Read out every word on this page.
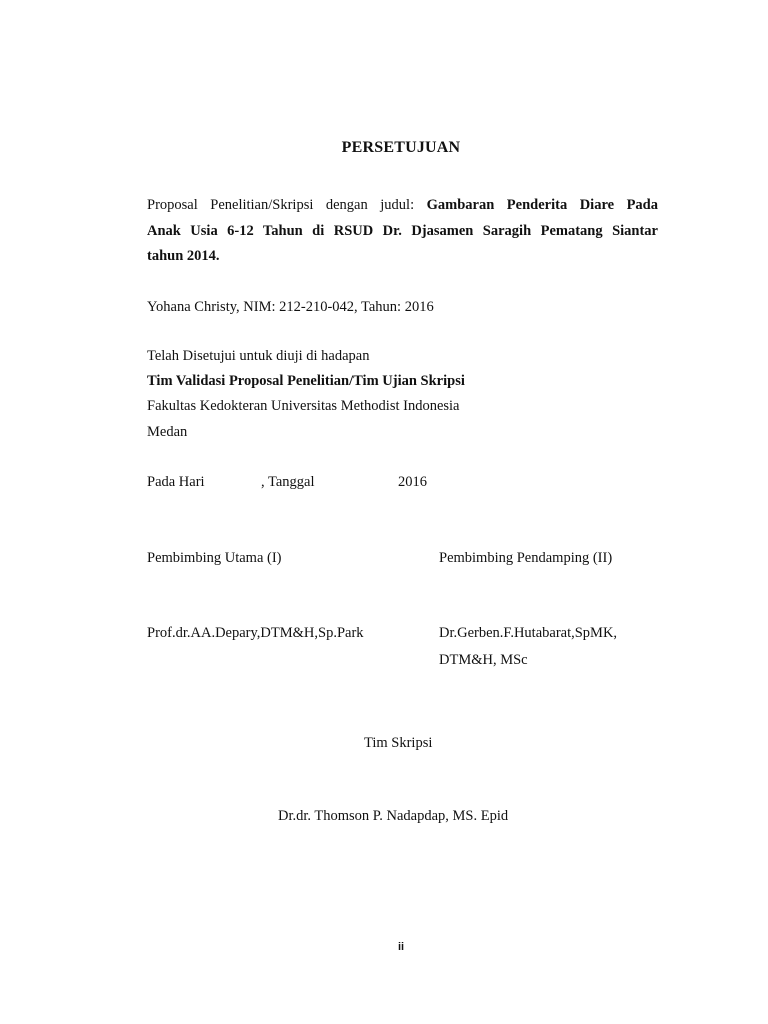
PERSETUJUAN
Proposal Penelitian/Skripsi dengan judul: Gambaran Penderita Diare Pada
Anak Usia 6-12 Tahun di RSUD Dr. Djasamen Saragih Pematang Siantar
tahun 2014.
Yohana Christy, NIM: 212-210-042, Tahun: 2016
Telah Disetujui untuk diuji di hadapan
Tim Validasi Proposal Penelitian/Tim Ujian Skripsi
Fakultas Kedokteran Universitas Methodist Indonesia
Medan
Pada Hari	, Tanggal	2016
Pembimbing Utama (I)	Pembimbing Pendamping (II)
Prof.dr.AA.Depary,DTM&H,Sp.Park	Dr.Gerben.F.Hutabarat,SpMK,
DTM&H, MSc
Tim Skripsi
Dr.dr. Thomson P. Nadapdap, MS. Epid
ii
